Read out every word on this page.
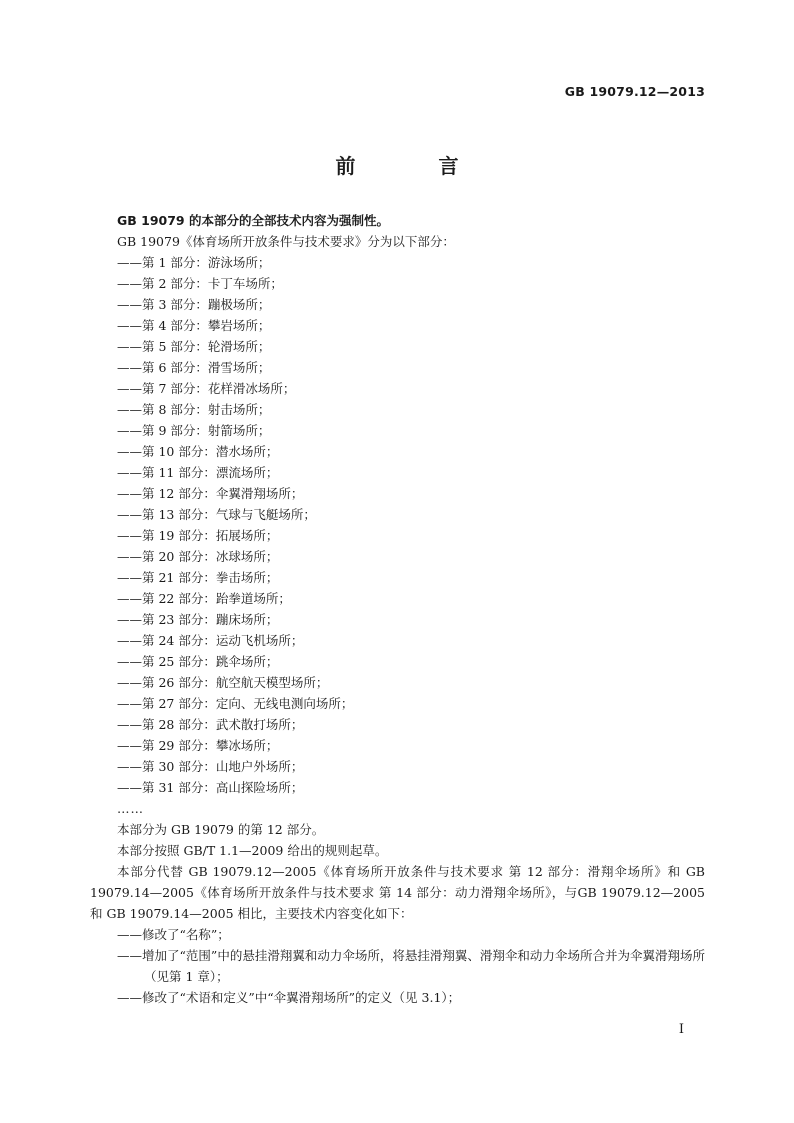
GB 19079.12—2013
前 言
GB 19079 的本部分的全部技术内容为强制性。
GB 19079《体育场所开放条件与技术要求》分为以下部分：
——第 1 部分：游泳场所；
——第 2 部分：卡丁车场所；
——第 3 部分：蹦极场所；
——第 4 部分：攀岩场所；
——第 5 部分：轮滑场所；
——第 6 部分：滑雪场所；
——第 7 部分：花样滑冰场所；
——第 8 部分：射击场所；
——第 9 部分：射箭场所；
——第 10 部分：潜水场所；
——第 11 部分：漂流场所；
——第 12 部分：伞翼滑翔场所；
——第 13 部分：气球与飞艇场所；
——第 19 部分：拓展场所；
——第 20 部分：冰球场所；
——第 21 部分：拳击场所；
——第 22 部分：跆拳道场所；
——第 23 部分：蹦床场所；
——第 24 部分：运动飞机场所；
——第 25 部分：跳伞场所；
——第 26 部分：航空航天模型场所；
——第 27 部分：定向、无线电测向场所；
——第 28 部分：武术散打场所；
——第 29 部分：攀冰场所；
——第 30 部分：山地户外场所；
——第 31 部分：高山探险场所；
……
本部分为 GB 19079 的第 12 部分。
本部分按照 GB/T 1.1—2009 给出的规则起草。
本部分代替 GB 19079.12—2005《体育场所开放条件与技术要求 第 12 部分：滑翔伞场所》和 GB 19079.14—2005《体育场所开放条件与技术要求 第 14 部分：动力滑翔伞场所》，与GB 19079.12—2005 和 GB 19079.14—2005 相比，主要技术内容变化如下：
——修改了“名称”；
——增加了“范围”中的悬挂滑翔翼和动力伞场所，将悬挂滑翔翼、滑翔伞和动力伞场所合并为伞翼滑翔场所（见第 1 章）；
——修改了“术语和定义”中“伞翼滑翔场所”的定义（见 3.1）；
I
